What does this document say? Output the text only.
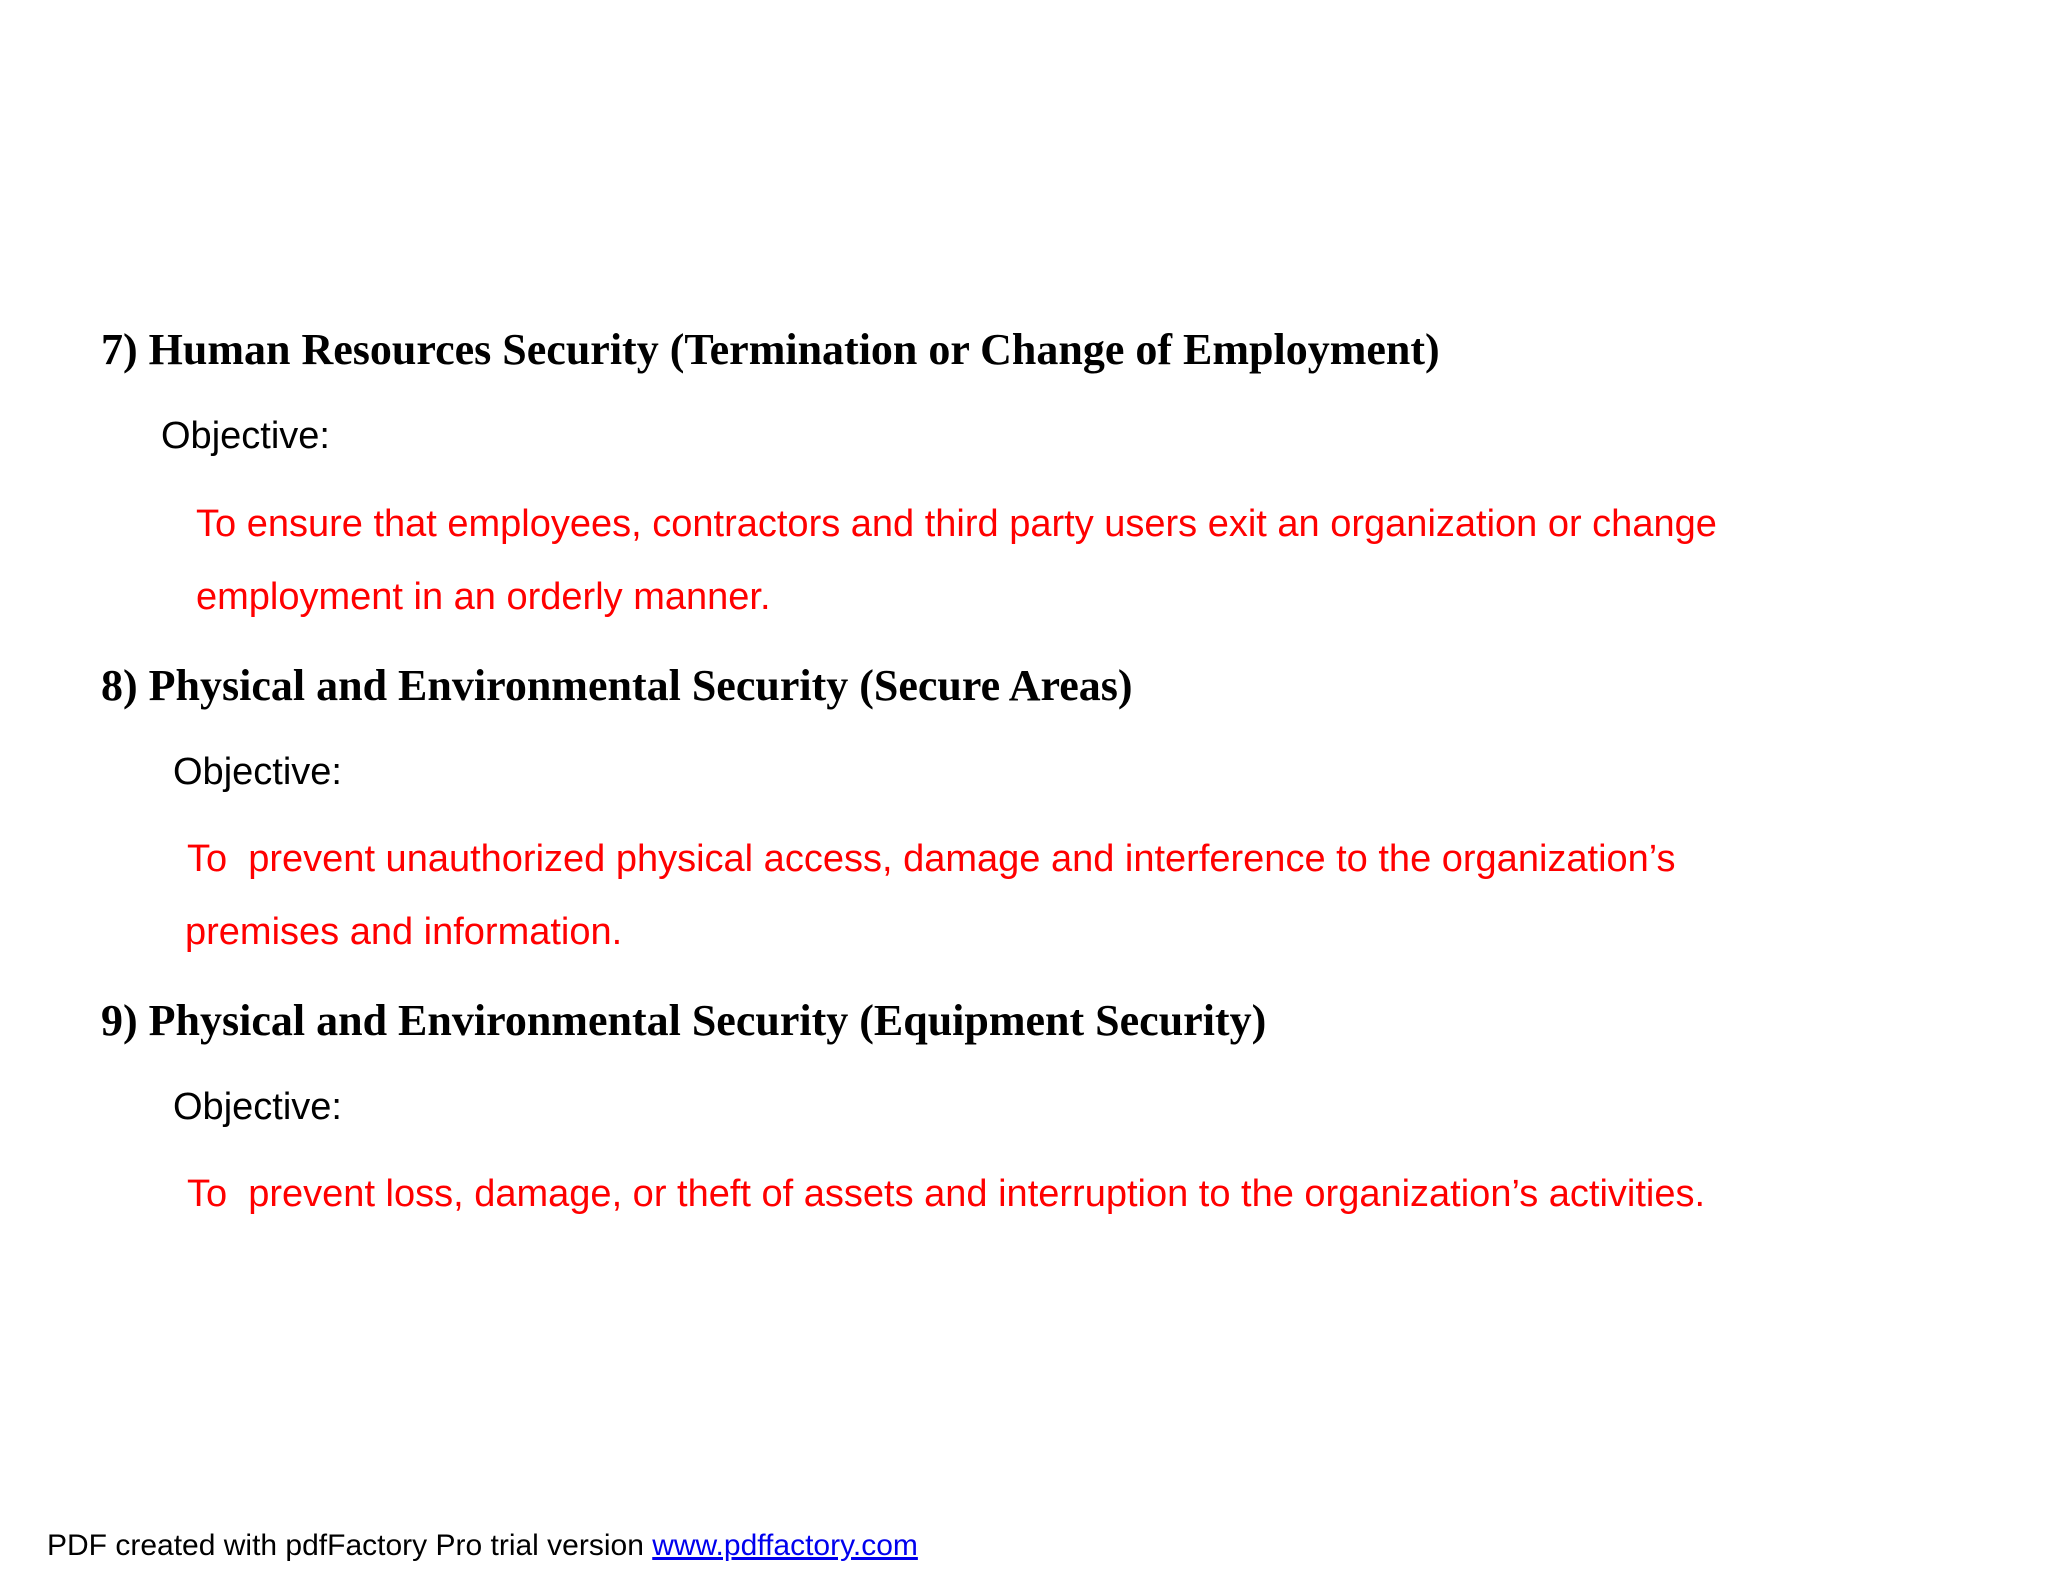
7) Human Resources Security (Termination or Change of Employment)

Objective:

To ensure that employees, contractors and third party users exit an organization or change

employment in an orderly manner.

8) Physical and Environmental Security (Secure Areas)

Objective:

To  prevent unauthorized physical access, damage and interference to the organization’s

premises and information.

9) Physical and Environmental Security (Equipment Security)

Objective:

To  prevent loss, damage, or theft of assets and interruption to the organization’s activities.

PDF created with pdfFactory Pro trial version www.pdffactory.com
